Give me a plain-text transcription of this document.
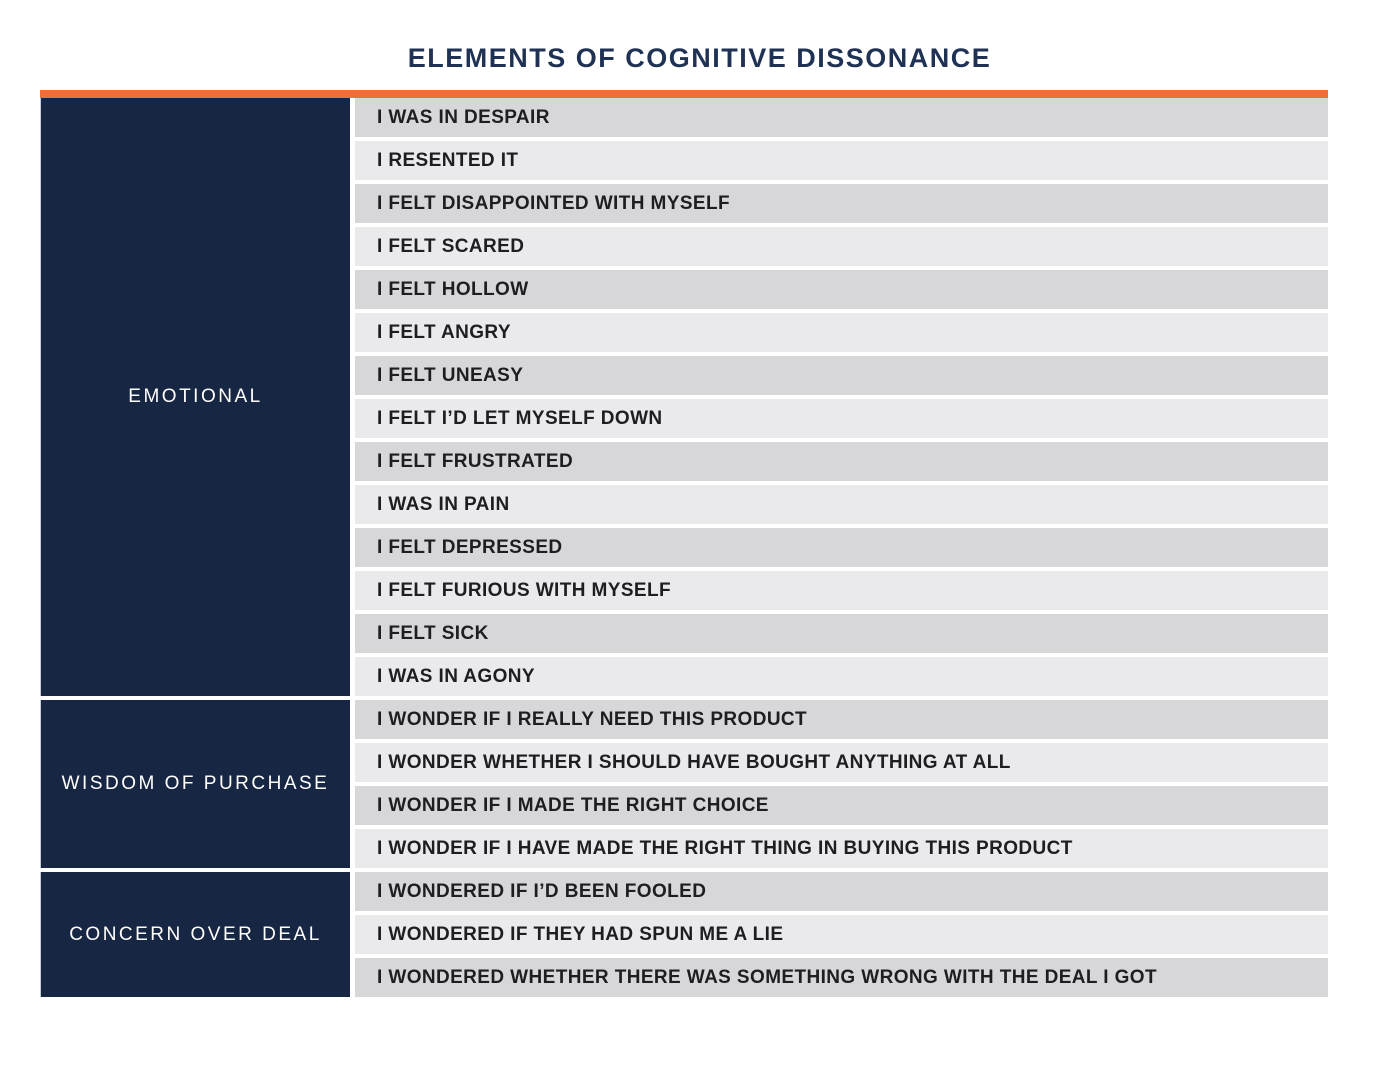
ELEMENTS OF COGNITIVE DISSONANCE
EMOTIONAL
I WAS IN DESPAIR
I RESENTED IT
I FELT DISAPPOINTED WITH MYSELF
I FELT SCARED
I FELT HOLLOW
I FELT ANGRY
I FELT UNEASY
I FELT I’D LET MYSELF DOWN
I FELT FRUSTRATED
I WAS IN PAIN
I FELT DEPRESSED
I FELT FURIOUS WITH MYSELF
I FELT SICK
I WAS IN AGONY
WISDOM OF PURCHASE
I WONDER IF I REALLY NEED THIS PRODUCT
I WONDER WHETHER I SHOULD HAVE BOUGHT ANYTHING AT ALL
I WONDER IF I MADE THE RIGHT CHOICE
I WONDER IF I HAVE MADE THE RIGHT THING IN BUYING THIS PRODUCT
CONCERN OVER DEAL
I WONDERED IF I’D BEEN FOOLED
I WONDERED IF THEY HAD SPUN ME A LIE
I WONDERED WHETHER THERE WAS SOMETHING WRONG WITH THE DEAL I GOT
